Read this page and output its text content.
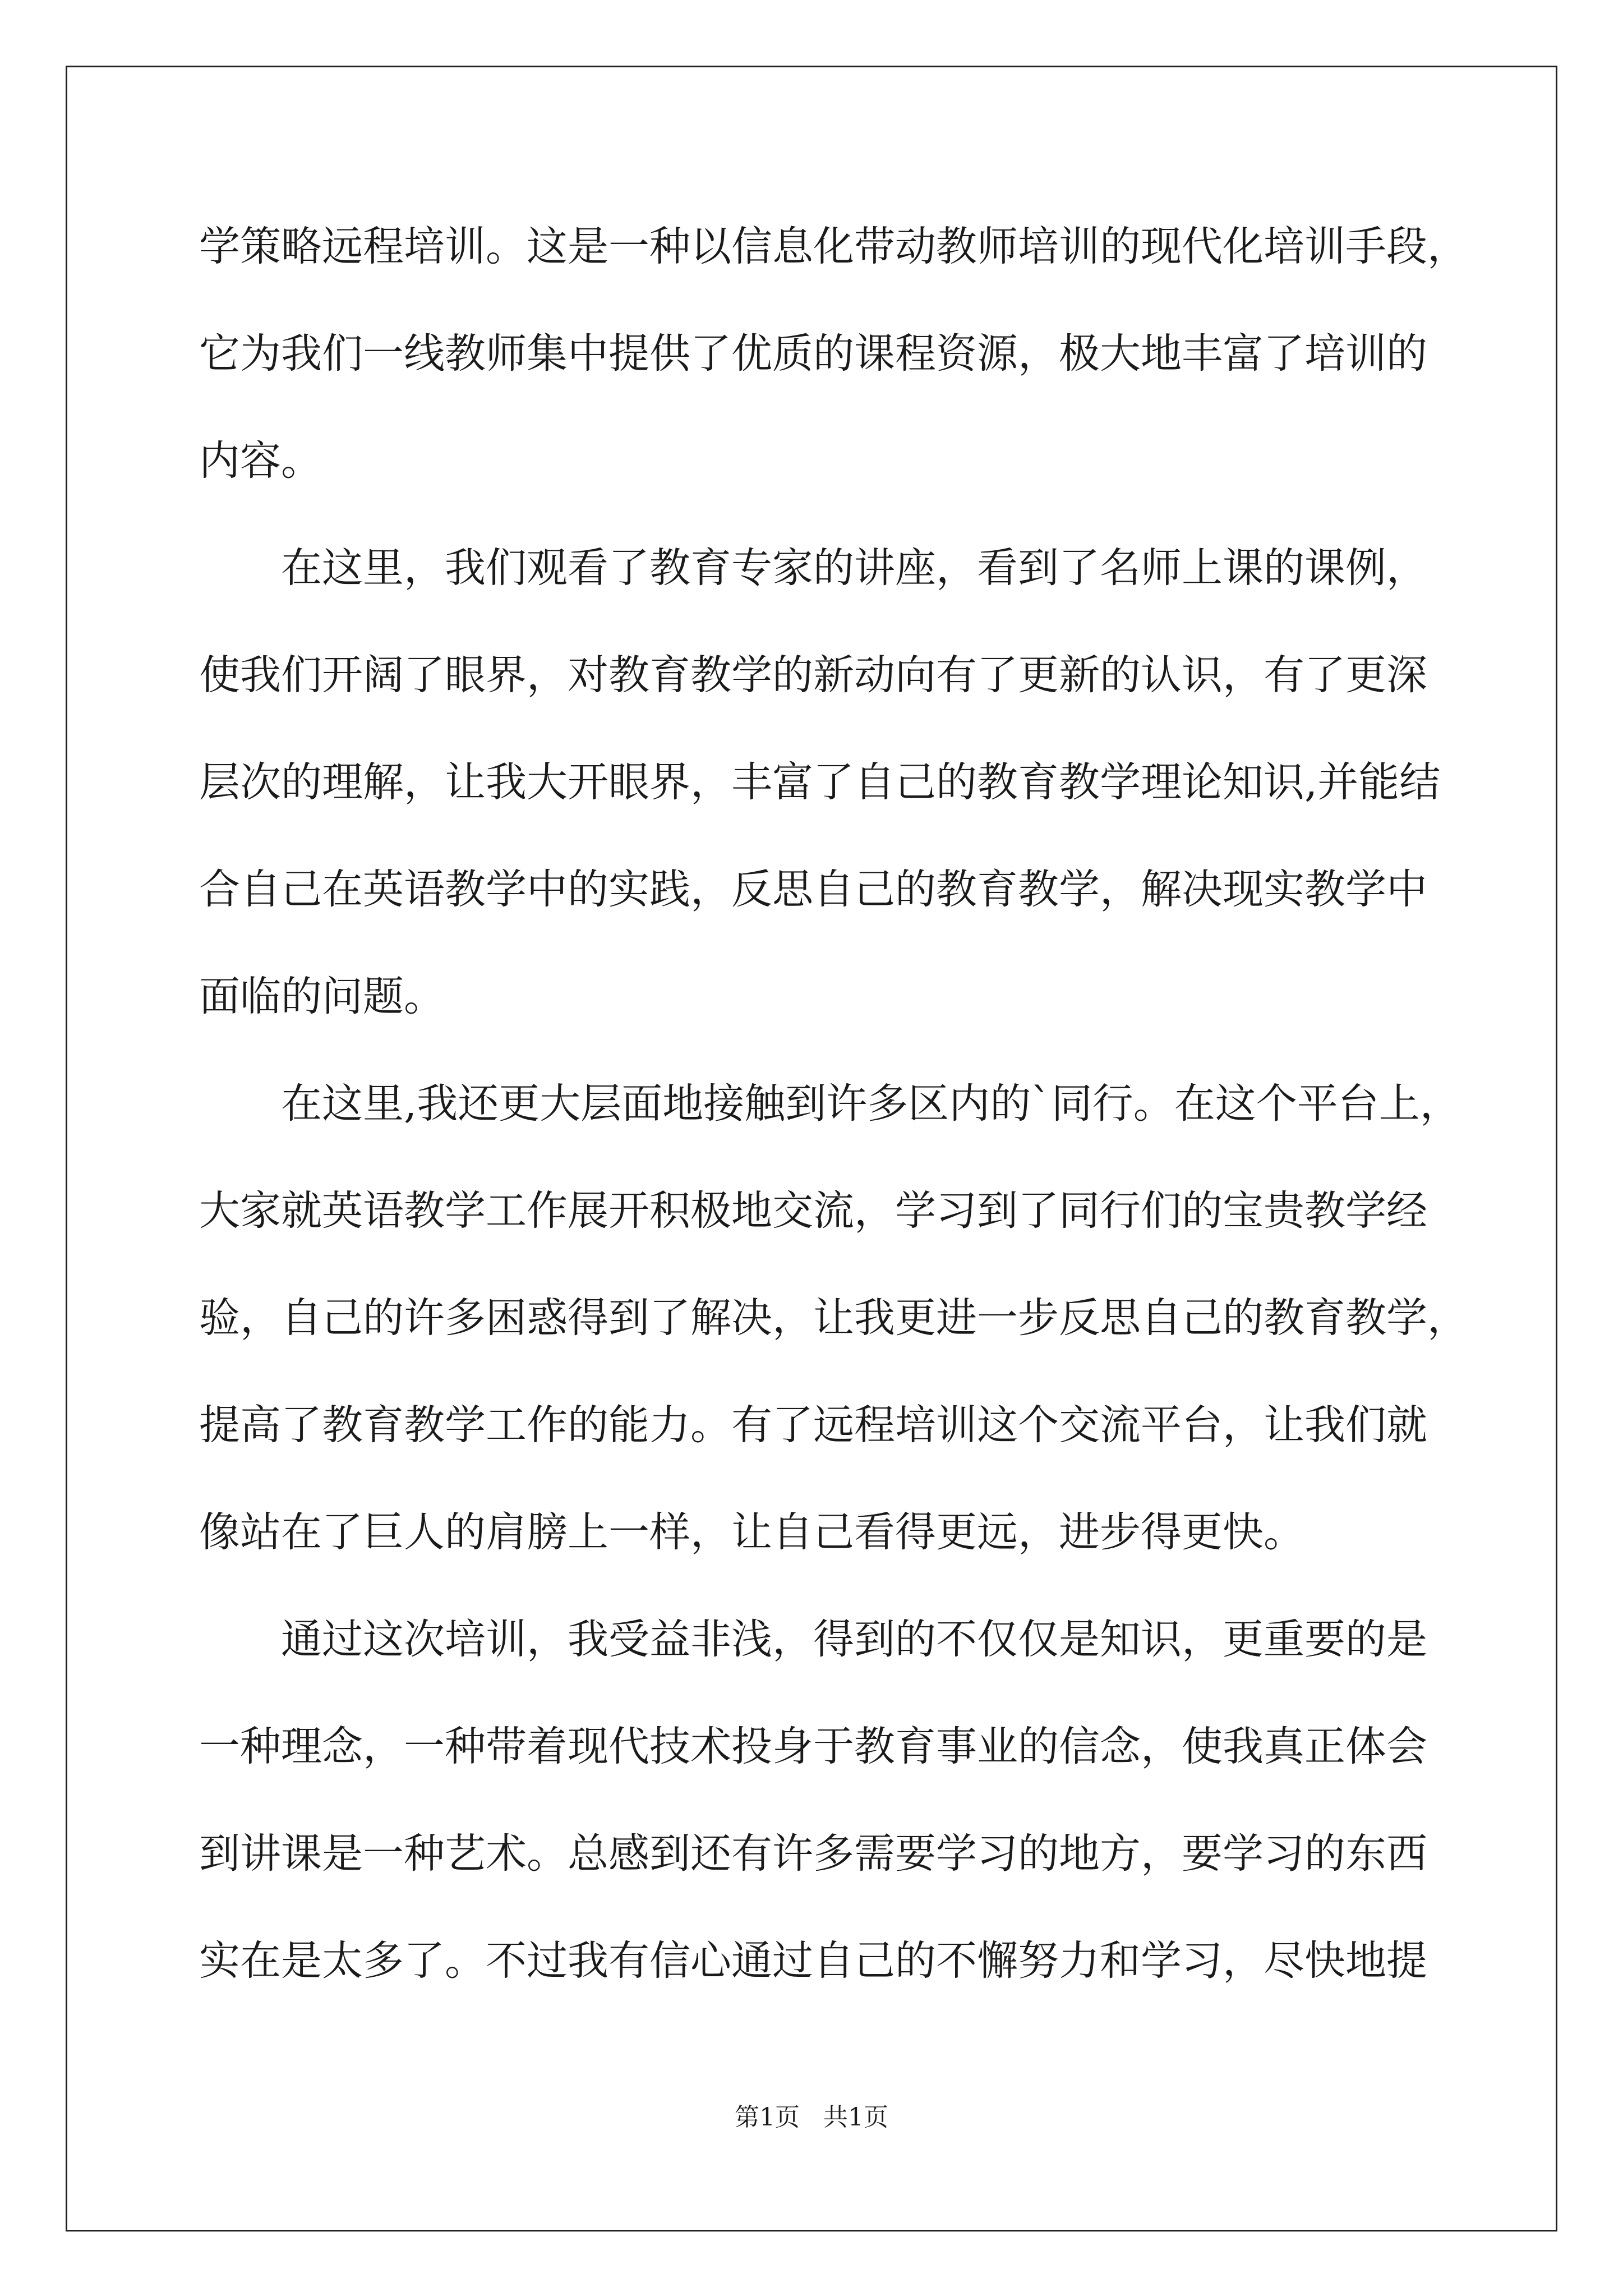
学策略远程培训。这是一种以信息化带动教师培训的现代化培训手段，
它为我们一线教师集中提供了优质的课程资源，极大地丰富了培训的
内容。
在这里，我们观看了教育专家的讲座，看到了名师上课的课例，
使我们开阔了眼界，对教育教学的新动向有了更新的认识，有了更深
层次的理解，让我大开眼界，丰富了自己的教育教学理论知识,并能结
合自己在英语教学中的实践，反思自己的教育教学，解决现实教学中
面临的问题。
在这里,我还更大层面地接触到许多区内的`同行。在这个平台上，
大家就英语教学工作展开积极地交流，学习到了同行们的宝贵教学经
验，自己的许多困惑得到了解决，让我更进一步反思自己的教育教学，
提高了教育教学工作的能力。有了远程培训这个交流平台，让我们就
像站在了巨人的肩膀上一样，让自己看得更远，进步得更快。
通过这次培训，我受益非浅，得到的不仅仅是知识，更重要的是
一种理念，一种带着现代技术投身于教育事业的信念，使我真正体会
到讲课是一种艺术。总感到还有许多需要学习的地方，要学习的东西
实在是太多了。不过我有信心通过自己的不懈努力和学习，尽快地提
第1页   共1页
